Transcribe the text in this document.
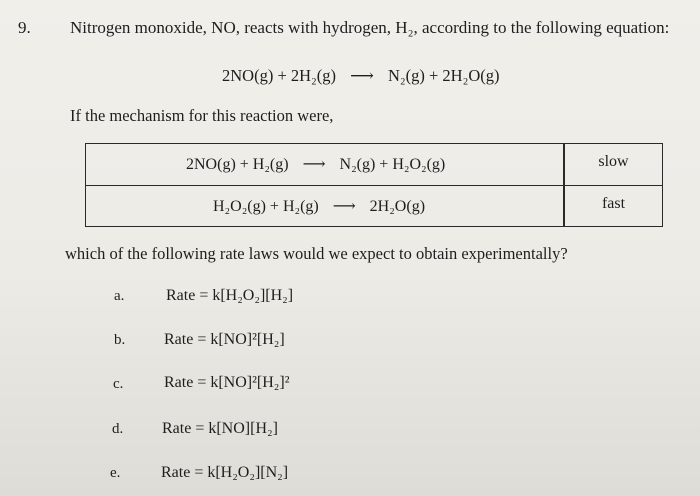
9. Nitrogen monoxide, NO, reacts with hydrogen, H₂, according to the following equation:
2NO(g) + 2H₂(g) ⟶ N₂(g) + 2H₂O(g)
If the mechanism for this reaction were,
2NO(g) + H₂(g) ⟶ N₂(g) + H₂O₂(g)	slow
H₂O₂(g) + H₂(g) ⟶ 2H₂O(g)	fast
which of the following rate laws would we expect to obtain experimentally?
a.	Rate = k[H₂O₂][H₂]
b. Rate = k[NO]²[H₂]
c.	Rate = k[NO]²[H₂]²
d. Rate = k[NO][H₂]
e.	Rate = k[H₂O₂][N₂]
